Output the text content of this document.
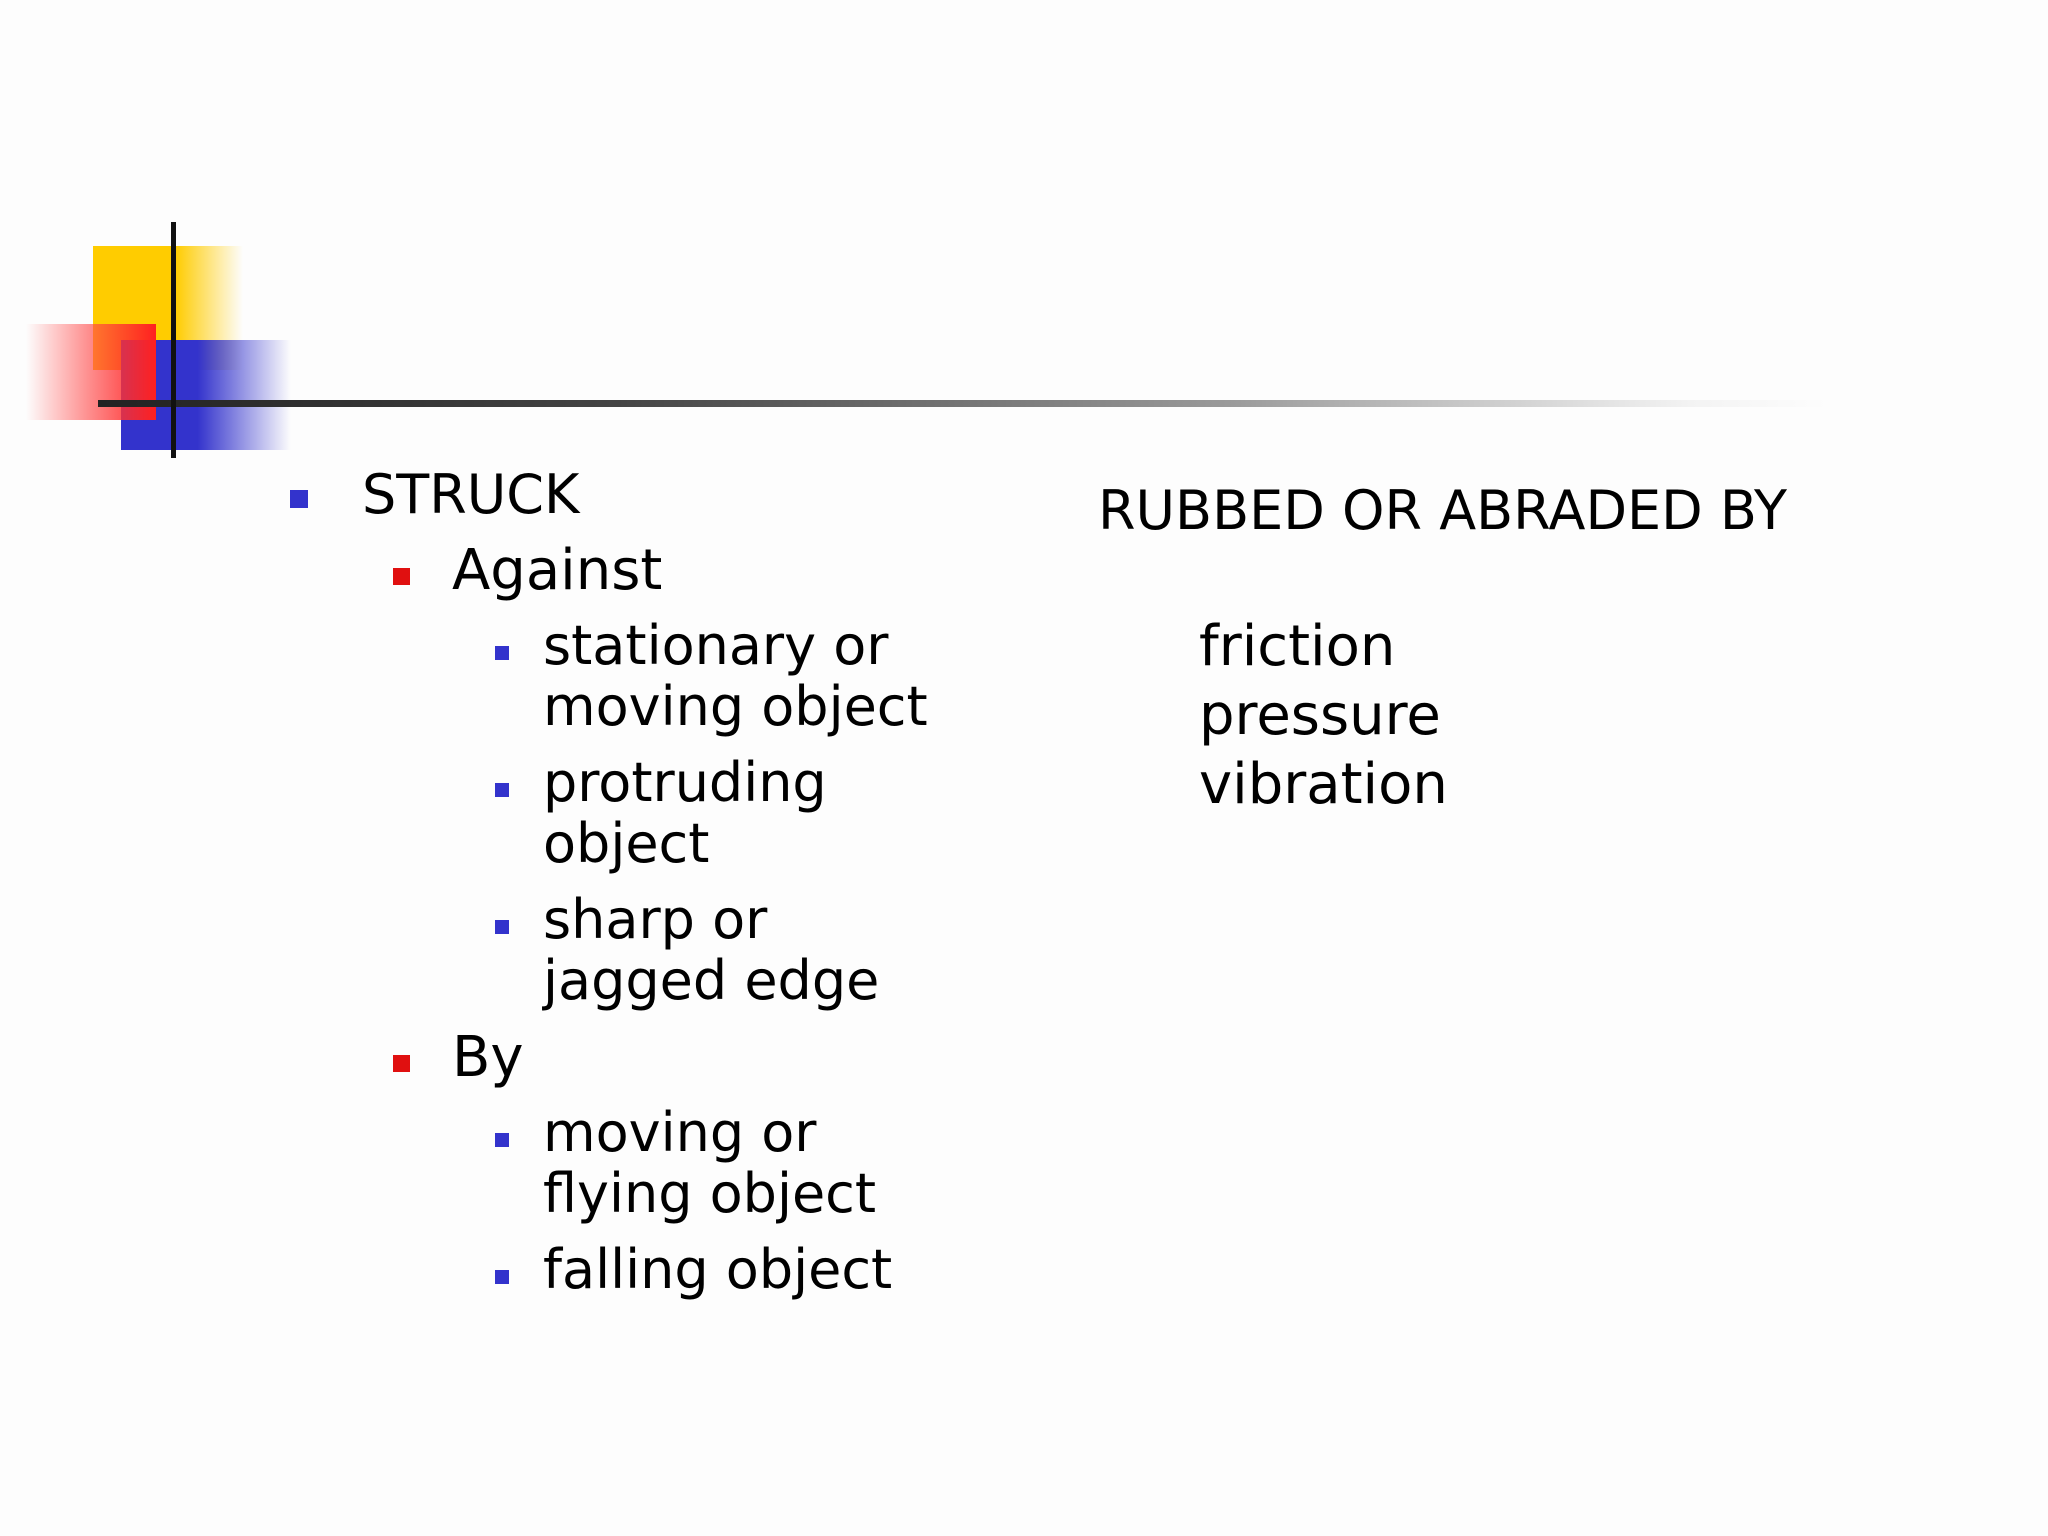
STRUCK
Against
stationary or
moving object
protruding
object
sharp or
jagged edge
By
moving or
flying object
falling object
RUBBED OR ABRADED BY
friction
pressure
vibration
